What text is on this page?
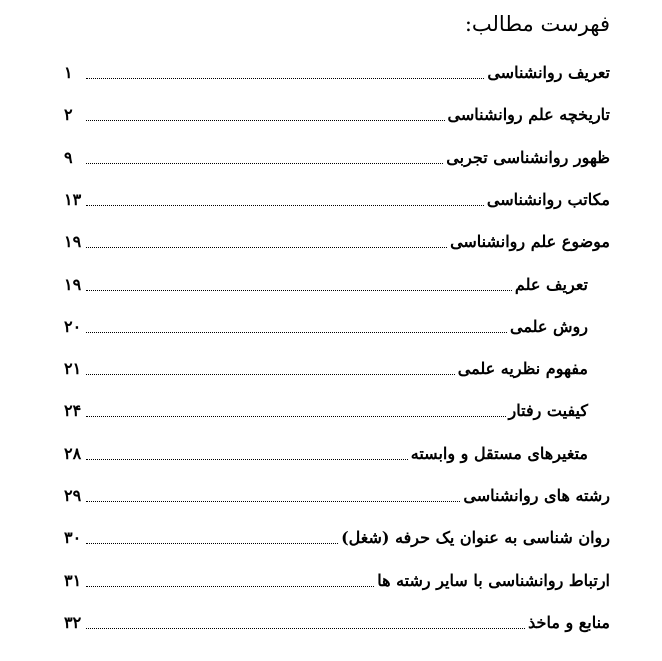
فهرست مطالب:
تعریف روانشناسی
۱
تاریخچه علم روانشناسی
۲
ظهور روانشناسی تجربی
۹
مکاتب روانشناسی
۱۳
موضوع علم روانشناسی
۱۹
تعریف علم
۱۹
روش علمی
۲۰
مفهوم نظریه علمی
۲۱
کیفیت رفتار
۲۴
متغیرهای مستقل و وابسته
۲۸
رشته های روانشناسی
۲۹
روان شناسی به عنوان یک حرفه (شغل)
۳۰
ارتباط روانشناسی با سایر رشته ها
۳۱
منابع و ماخذ
۳۲
